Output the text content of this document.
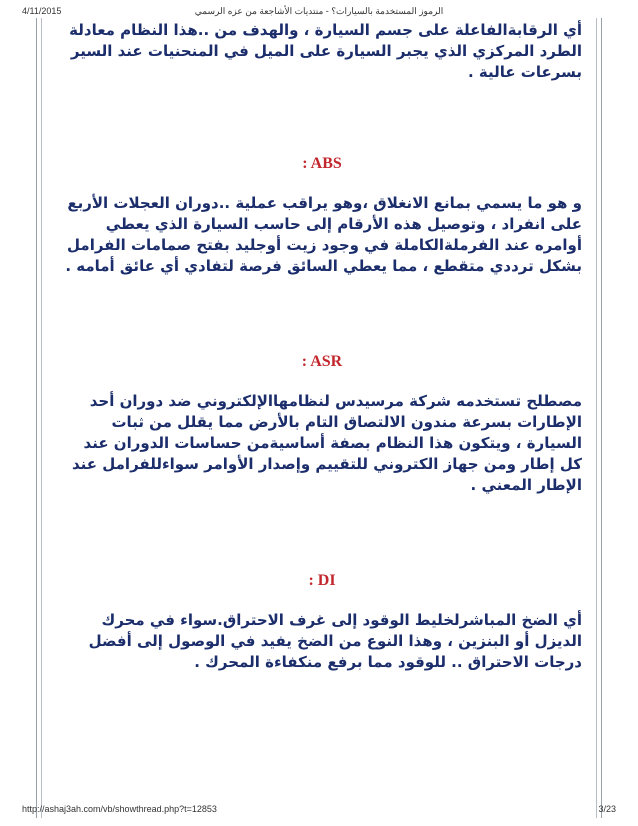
4/11/2015	الرموز المستخدمة بالسيارات؟ - منتديات الأشاجعة من عزه الرسمي

أي الرقابةالفاعلة على جسم السيارة ، والهدف من ..هذا النظام معادلة الطرد المركزي الذي يجبر السيارة على الميل في المنحنيات عند السير بسرعات عالية .

: ABS

و هو ما يسمي بمانع الانغلاق ،وهو يراقب عملية ..دوران العجلات الأربع على انفراد ، وتوصيل هذه الأرقام إلى حاسب السيارة الذي يعطي أوامره عند الفرملةالكاملة في وجود زيت أوجليد بفتح صمامات الفرامل بشكل ترددي متقطع ، مما يعطي السائق فرصة لتفادي أي عائق أمامه .

: ASR

مصطلح تستخدمه شركة مرسيدس لنظامهاالإلكتروني ضد دوران أحد الإطارات بسرعة مندون الالتصاق التام بالأرض مما يقلل من ثبات السيارة ، ويتكون هذا النظام بصفة أساسيةمن حساسات الدوران عند كل إطار ومن جهاز الكتروني للتقييم وإصدار الأوامر سواءللفرامل عند الإطار المعني .

: DI

أي الضخ المباشرلخليط الوقود إلى غرف الاحتراق.سواء في محرك الديزل أو البنزين ، وهذا النوع من الضخ يفيد في الوصول إلى أفضل درجات الاحتراق .. للوقود مما برفع منكفاءة المحرك .

http://ashaj3ah.com/vb/showthread.php?t=12853	3/23
